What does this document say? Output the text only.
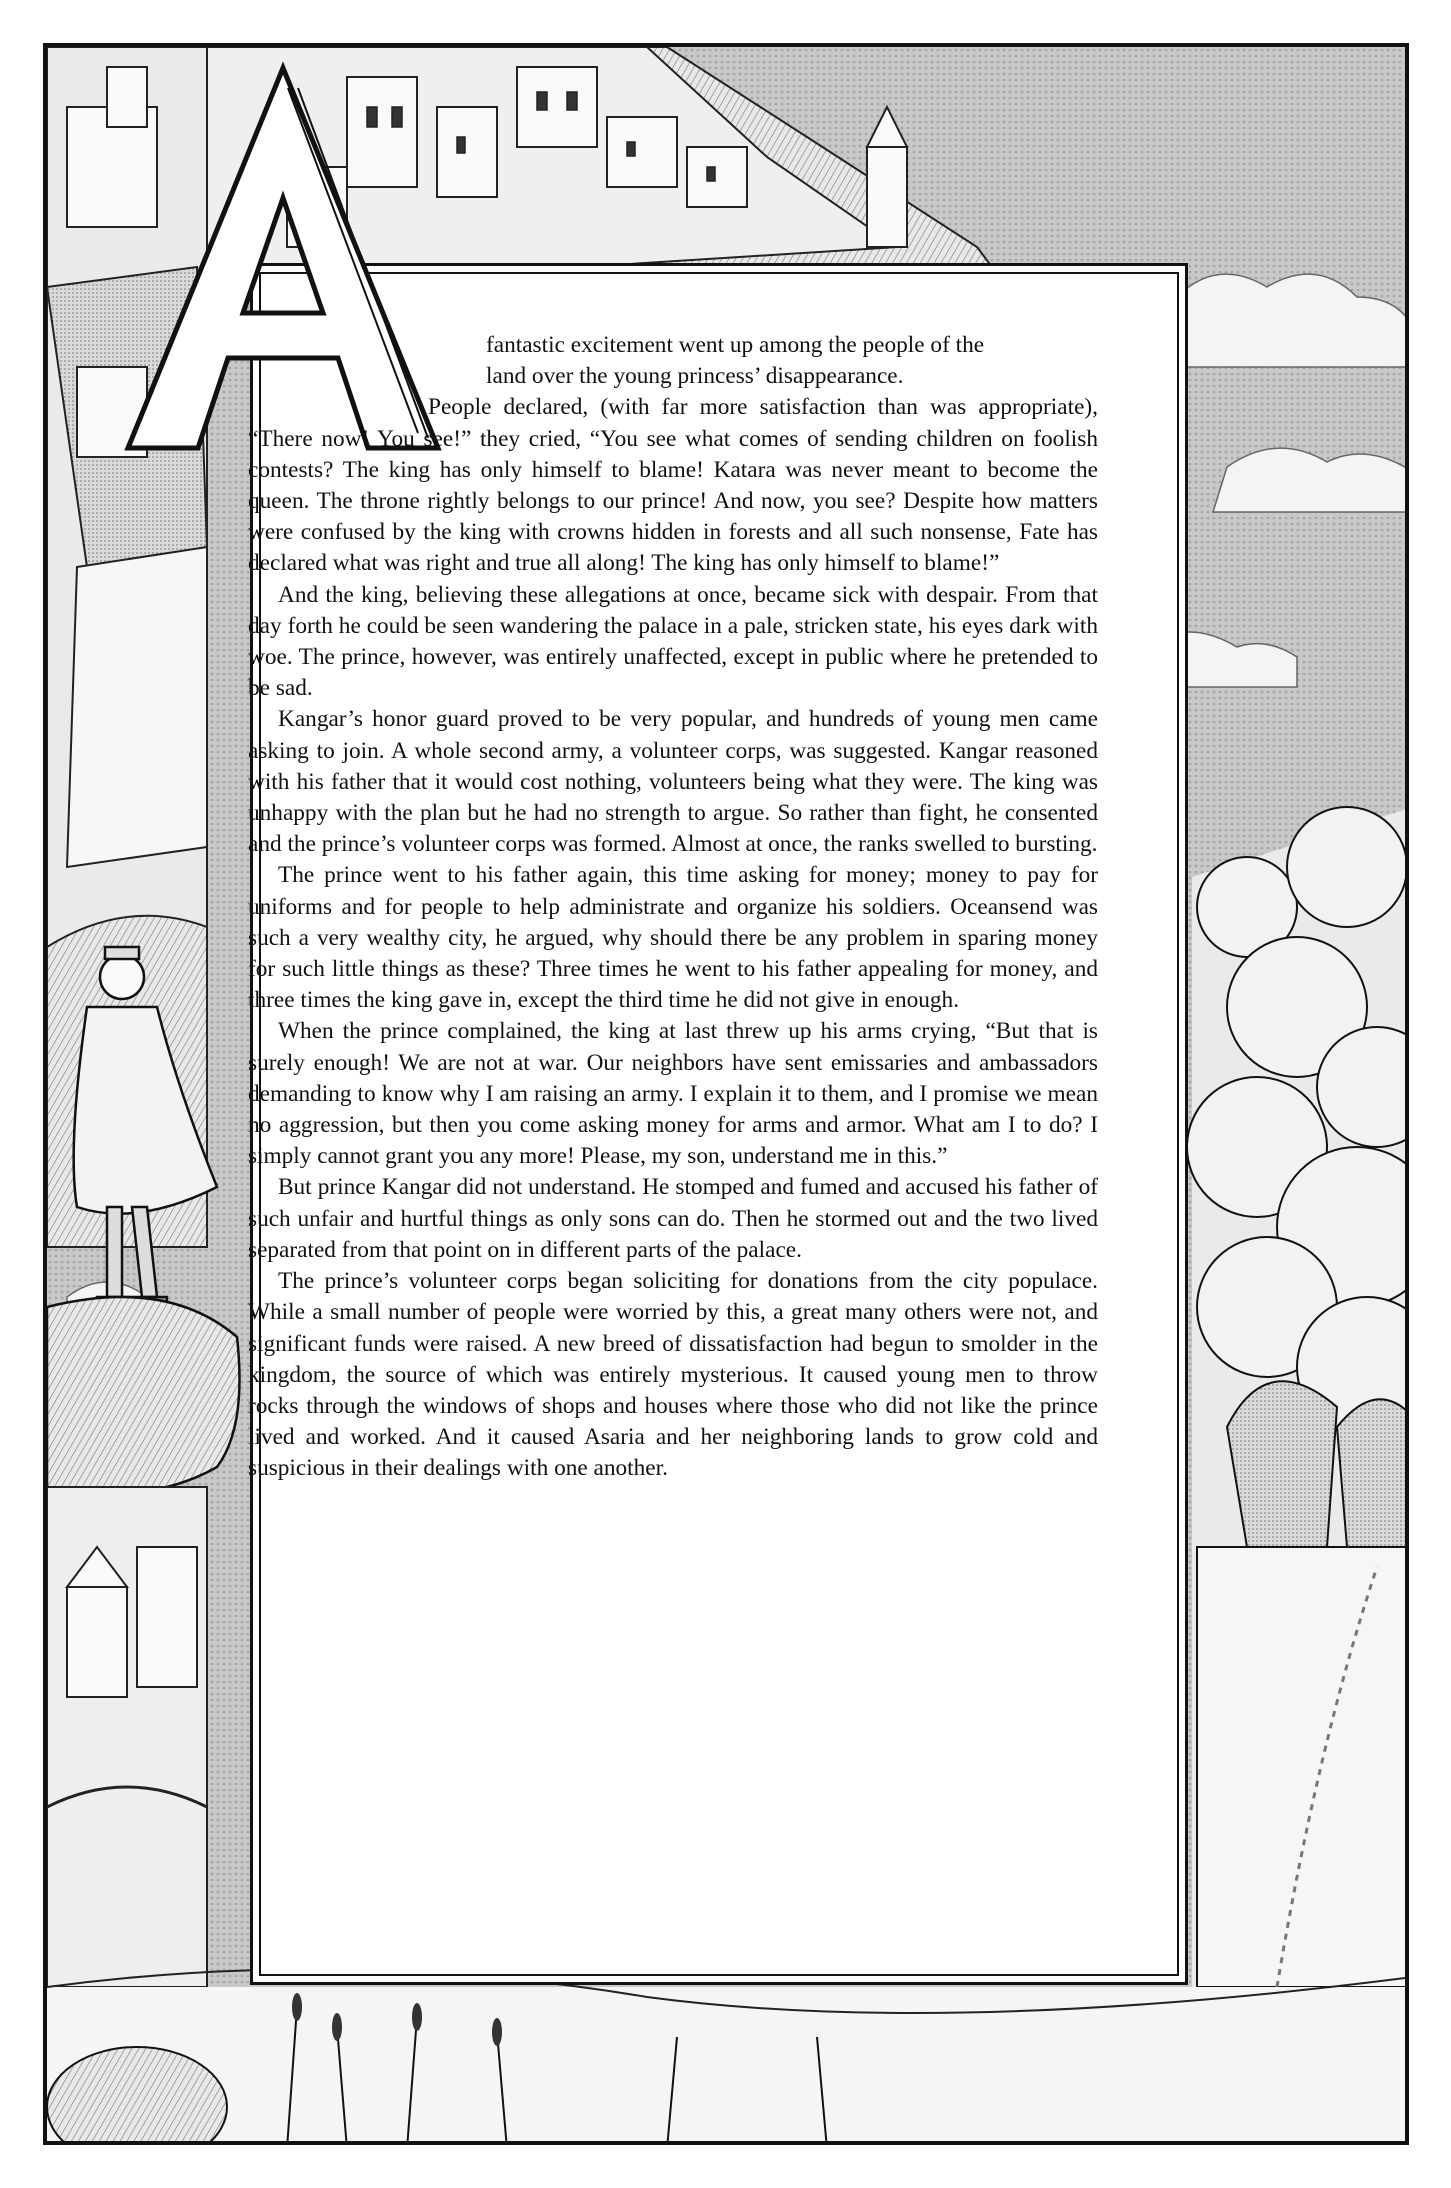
A
fantastic excitement went up among the people of the
land over the young princess’ disappearance.

People declared, (with far more satisfaction than was appropriate), “There now! You see!” they cried, “You see what comes of sending children on foolish contests? The king has only himself to blame! Katara was never meant to become the queen. The throne rightly belongs to our prince! And now, you see? Despite how matters were confused by the king with crowns hidden in forests and all such nonsense, Fate has declared what was right and true all along! The king has only himself to blame!”

And the king, believing these allegations at once, became sick with despair. From that day forth he could be seen wandering the palace in a pale, stricken state, his eyes dark with woe. The prince, however, was entirely unaffected, except in public where he pretended to be sad.

Kangar’s honor guard proved to be very popular, and hundreds of young men came asking to join. A whole second army, a volunteer corps, was suggested. Kangar reasoned with his father that it would cost nothing, volunteers being what they were. The king was unhappy with the plan but he had no strength to argue. So rather than fight, he consented and the prince’s volunteer corps was formed. Almost at once, the ranks swelled to bursting.

The prince went to his father again, this time asking for money; money to pay for uniforms and for people to help administrate and organize his soldiers. Oceansend was such a very wealthy city, he argued, why should there be any problem in sparing money for such little things as these? Three times he went to his father appealing for money, and three times the king gave in, except the third time he did not give in enough.

When the prince complained, the king at last threw up his arms crying, “But that is surely enough! We are not at war. Our neighbors have sent emissaries and ambassadors demanding to know why I am raising an army. I explain it to them, and I promise we mean no aggression, but then you come asking money for arms and armor. What am I to do? I simply cannot grant you any more! Please, my son, understand me in this.”

But prince Kangar did not understand. He stomped and fumed and accused his father of such unfair and hurtful things as only sons can do. Then he stormed out and the two lived separated from that point on in different parts of the palace.

The prince’s volunteer corps began soliciting for donations from the city populace. While a small number of people were worried by this, a great many others were not, and significant funds were raised. A new breed of dissatisfaction had begun to smolder in the kingdom, the source of which was entirely mysterious. It caused young men to throw rocks through the windows of shops and houses where those who did not like the prince lived and worked. And it caused Asaria and her neighboring lands to grow cold and suspicious in their dealings with one another.
